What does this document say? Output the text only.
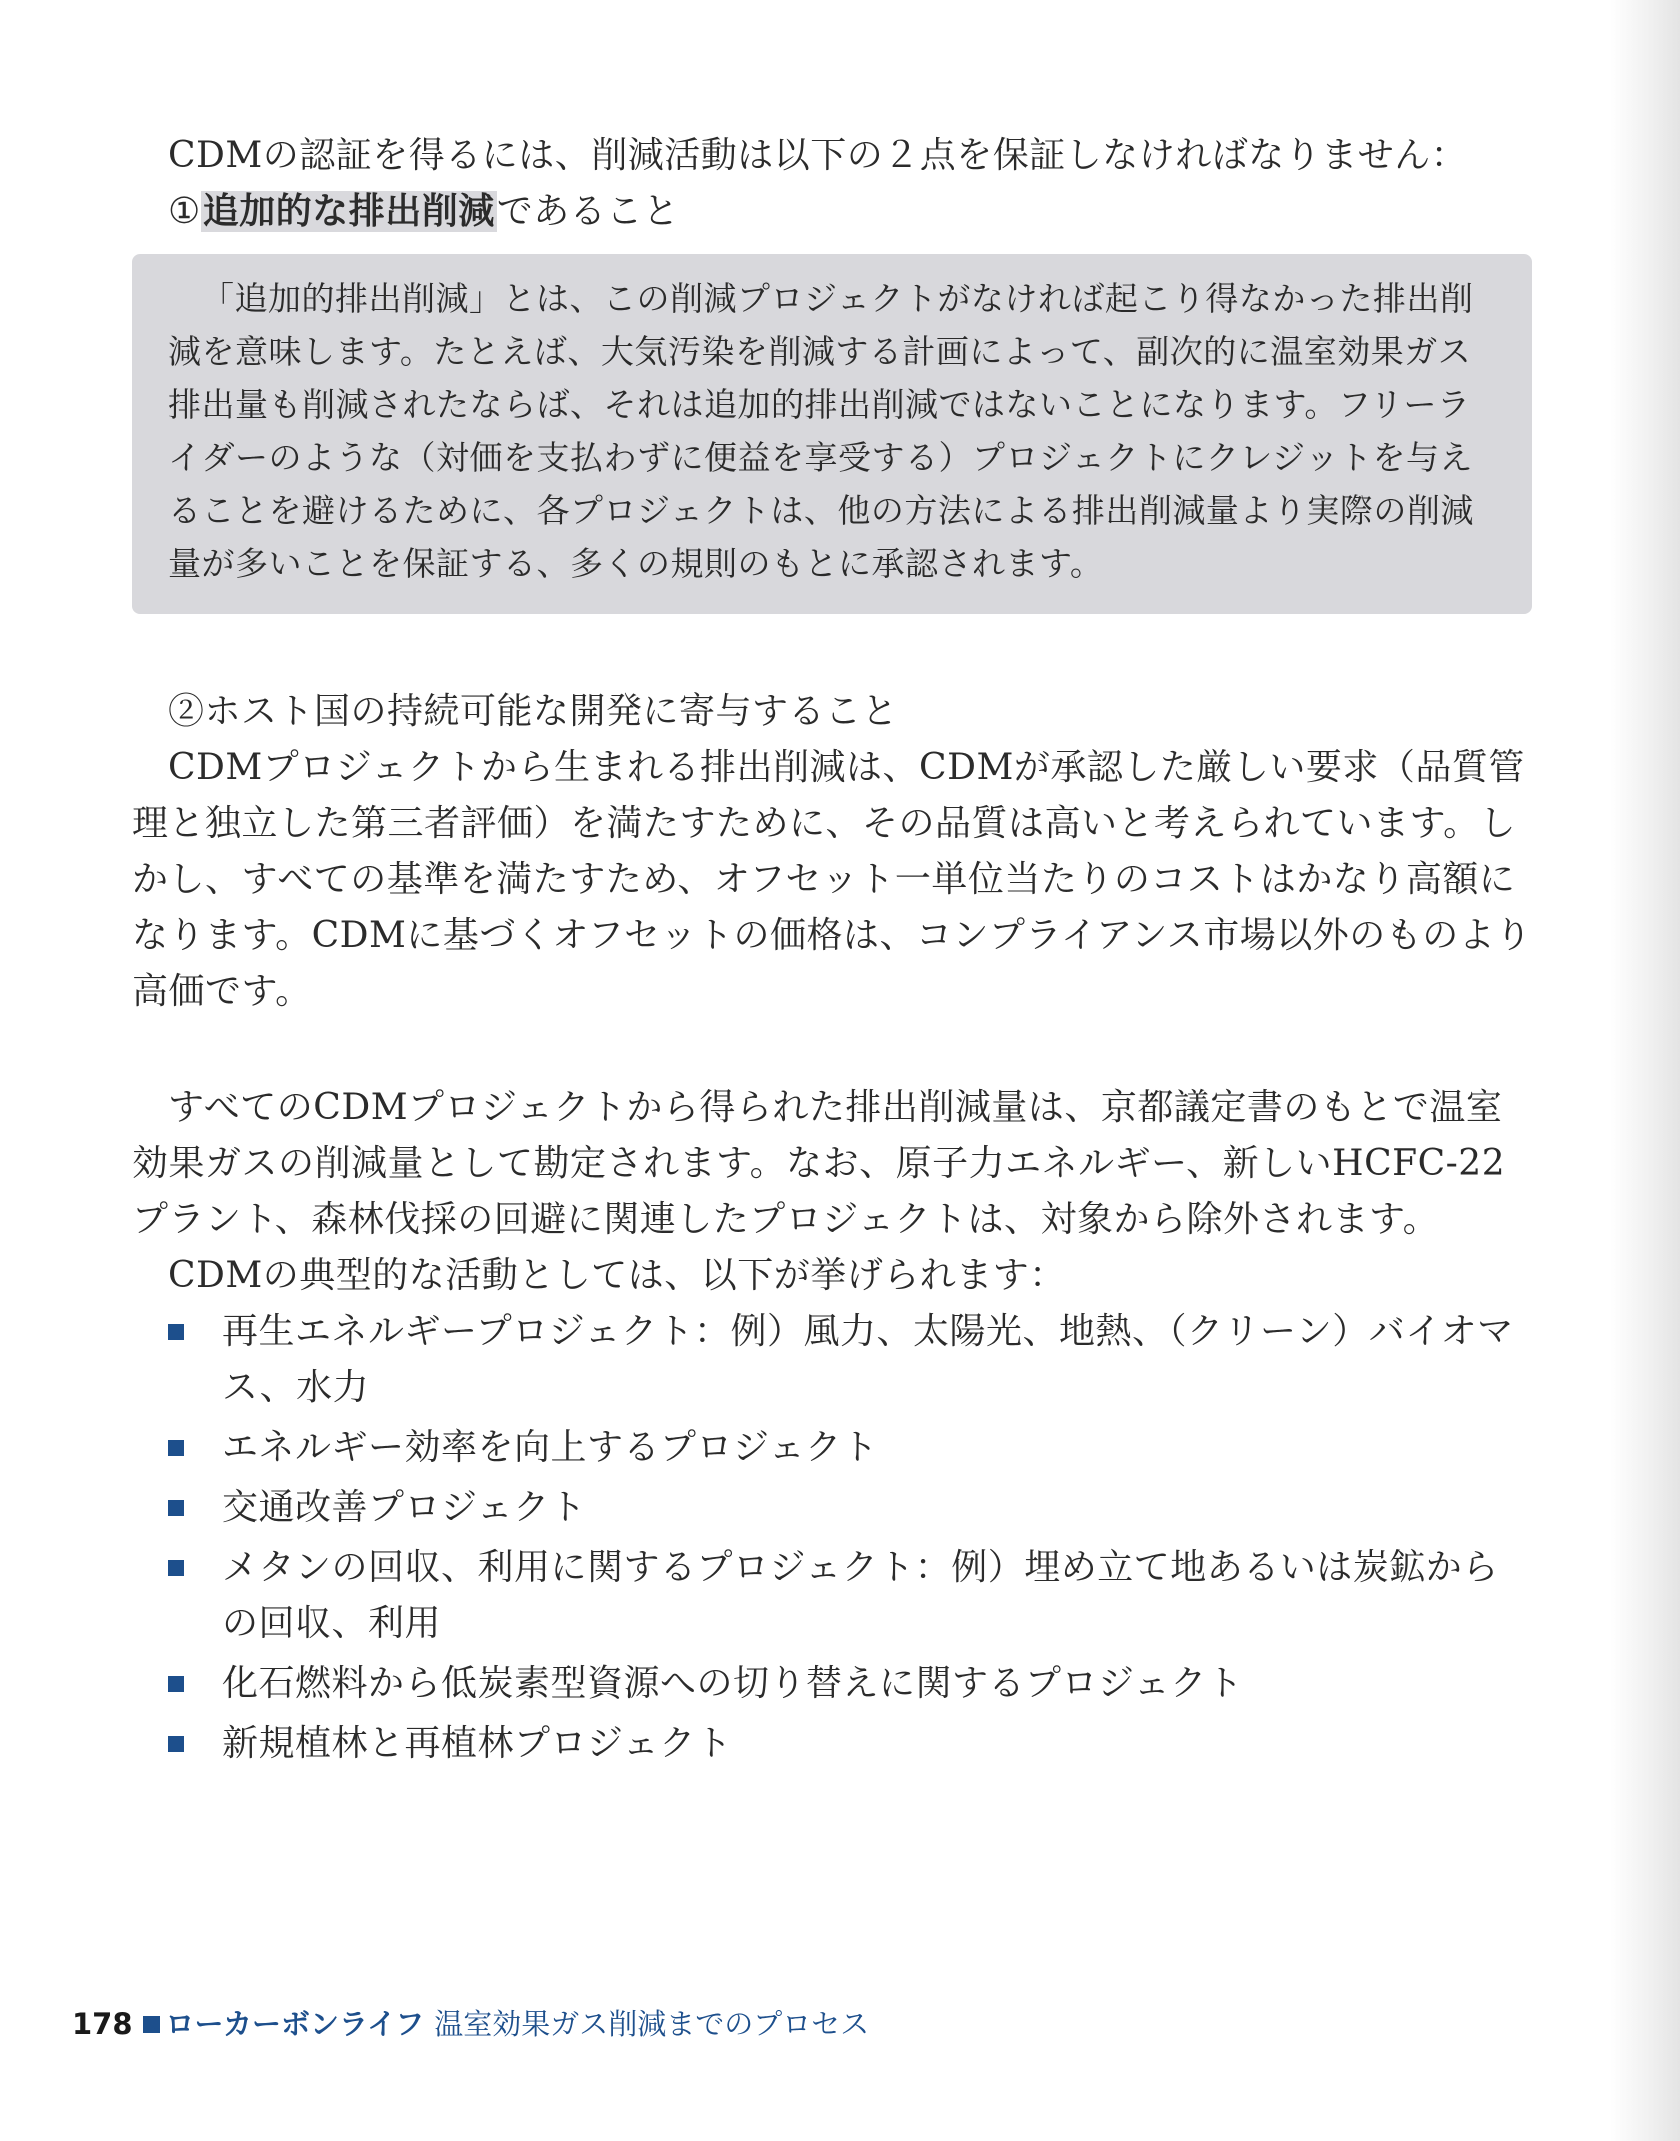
CDMの認証を得るには、削減活動は以下の２点を保証しなければなりません：

①追加的な排出削減であること

「追加的排出削減」とは、この削減プロジェクトがなければ起こり得なかった排出削減を意味します。たとえば、大気汚染を削減する計画によって、副次的に温室効果ガス排出量も削減されたならば、それは追加的排出削減ではないことになります。フリーライダーのような（対価を支払わずに便益を享受する）プロジェクトにクレジットを与えることを避けるために、各プロジェクトは、他の方法による排出削減量より実際の削減量が多いことを保証する、多くの規則のもとに承認されます。

②ホスト国の持続可能な開発に寄与すること

CDMプロジェクトから生まれる排出削減は、CDMが承認した厳しい要求（品質管理と独立した第三者評価）を満たすために、その品質は高いと考えられています。しかし、すべての基準を満たすため、オフセット一単位当たりのコストはかなり高額になります。CDMに基づくオフセットの価格は、コンプライアンス市場以外のものより高価です。

すべてのCDMプロジェクトから得られた排出削減量は、京都議定書のもとで温室効果ガスの削減量として勘定されます。なお、原子力エネルギー、新しいHCFC-22プラント、森林伐採の回避に関連したプロジェクトは、対象から除外されます。

CDMの典型的な活動としては、以下が挙げられます：

再生エネルギープロジェクト：例）風力、太陽光、地熱、（クリーン）バイオマス、水力
エネルギー効率を向上するプロジェクト
交通改善プロジェクト
メタンの回収、利用に関するプロジェクト：例）埋め立て地あるいは炭鉱からの回収、利用
化石燃料から低炭素型資源への切り替えに関するプロジェクト
新規植林と再植林プロジェクト
178 ローカーボンライフ 温室効果ガス削減までのプロセス
